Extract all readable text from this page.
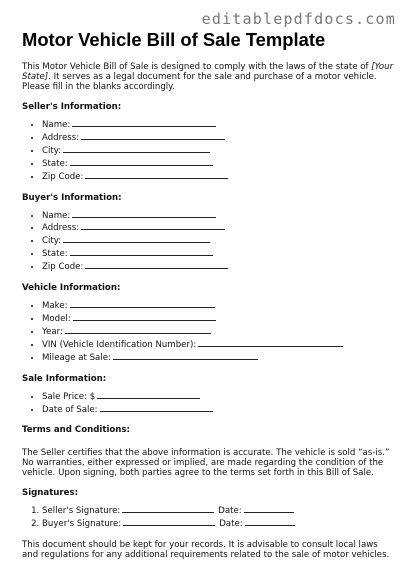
editablepdfdocs.com
Motor Vehicle Bill of Sale Template

This Motor Vehicle Bill of Sale is designed to comply with the laws of the state of [Your State]. It serves as a legal document for the sale and purchase of a motor vehicle. Please fill in the blanks accordingly.

Seller's Information:
• Name:
• Address:
• City:
• State:
• Zip Code:
Buyer's Information:
• Name:
• Address:
• City:
• State:
• Zip Code:
Vehicle Information:
• Make:
• Model:
• Year:
• VIN (Vehicle Identification Number):
• Mileage at Sale:
Sale Information:
• Sale Price: $
• Date of Sale:
Terms and Conditions:

The Seller certifies that the above information is accurate. The vehicle is sold “as-is.” No warranties, either expressed or implied, are made regarding the condition of the vehicle. Upon signing, both parties agree to the terms set forth in this Bill of Sale.

Signatures:
1. Seller's Signature:	Date:
2. Buyer's Signature:	Date:

This document should be kept for your records. It is advisable to consult local laws and regulations for any additional requirements related to the sale of motor vehicles.
